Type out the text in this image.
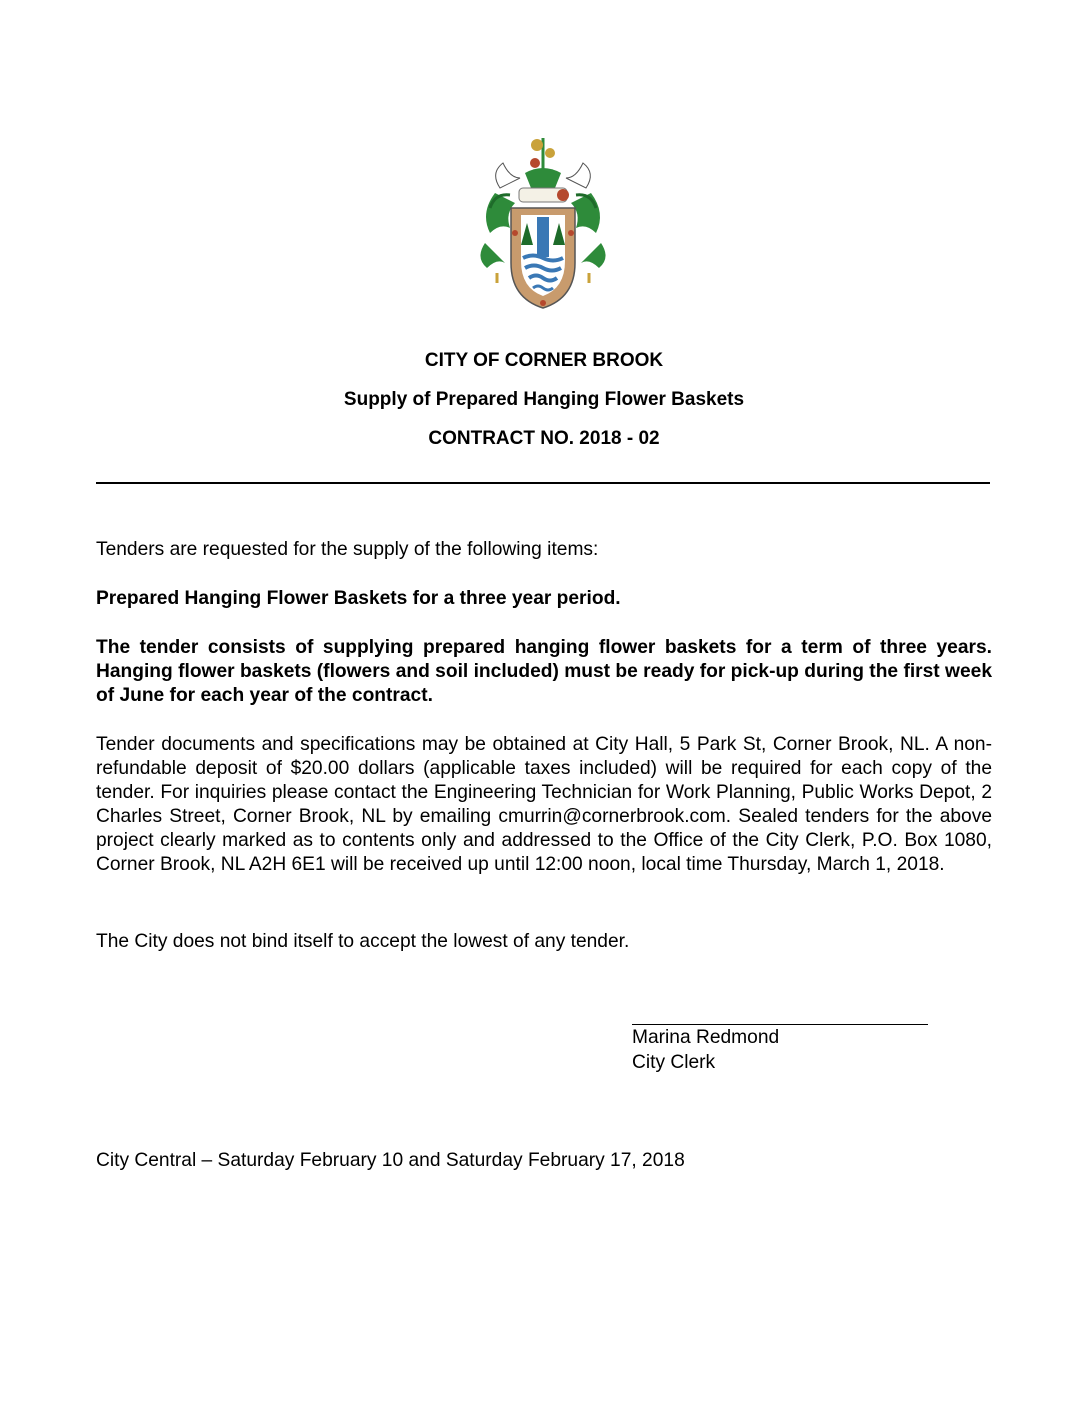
CITY OF CORNER BROOK
Supply of Prepared Hanging Flower Baskets
CONTRACT NO. 2018 - 02
Tenders are requested for the supply of the following items:
Prepared Hanging Flower Baskets for a three year period.
The tender consists of supplying prepared hanging flower baskets for a term of three years. Hanging flower baskets (flowers and soil included) must be ready for pick-up during the first week of June for each year of the contract.
Tender documents and specifications may be obtained at City Hall, 5 Park St, Corner Brook, NL. A non-refundable deposit of $20.00 dollars (applicable taxes included) will be required for each copy of the tender. For inquiries please contact the Engineering Technician for Work Planning, Public Works Depot, 2 Charles Street, Corner Brook, NL by emailing cmurrin@cornerbrook.com. Sealed tenders for the above project clearly marked as to contents only and addressed to the Office of the City Clerk, P.O. Box 1080, Corner Brook, NL A2H 6E1 will be received up until 12:00 noon, local time Thursday, March 1, 2018.
The City does not bind itself to accept the lowest of any tender.
Marina Redmond
City Clerk
City Central – Saturday February 10 and Saturday February 17, 2018
